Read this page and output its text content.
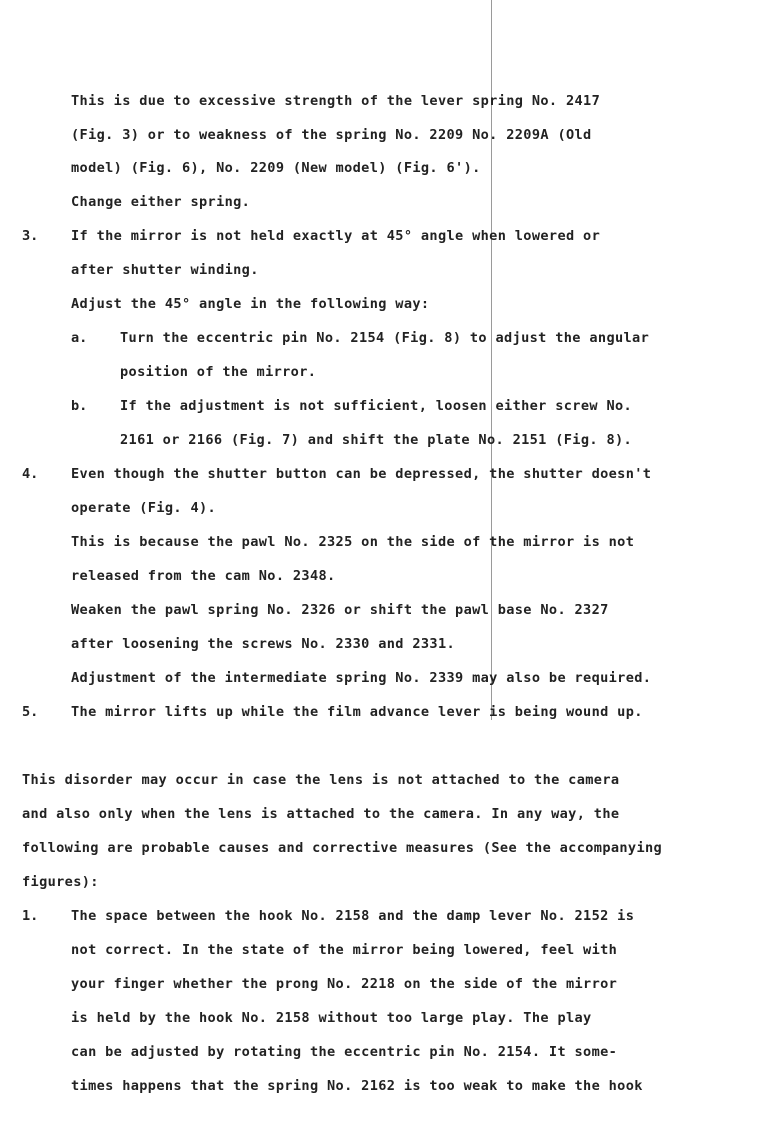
This is due to excessive strength of the lever spring No. 2417
(Fig. 3) or to weakness of the spring No. 2209 No. 2209A (Old
model) (Fig. 6), No. 2209 (New model) (Fig. 6').
Change either spring.
3. If the mirror is not held exactly at 45° angle when lowered or
after shutter winding.
Adjust the 45° angle in the following way:
a. Turn the eccentric pin No. 2154 (Fig. 8) to adjust the angular
position of the mirror.
b. If the adjustment is not sufficient, loosen either screw No.
2161 or 2166 (Fig. 7) and shift the plate No. 2151 (Fig. 8).
4. Even though the shutter button can be depressed, the shutter doesn't
operate (Fig. 4).
This is because the pawl No. 2325 on the side of the mirror is not
released from the cam No. 2348.
Weaken the pawl spring No. 2326 or shift the pawl base No. 2327
after loosening the screws No. 2330 and 2331.
Adjustment of the intermediate spring No. 2339 may also be required.
5. The mirror lifts up while the film advance lever is being wound up.
This disorder may occur in case the lens is not attached to the camera
and also only when the lens is attached to the camera. In any way, the
following are probable causes and corrective measures (See the accompanying
figures):
1. The space between the hook No. 2158 and the damp lever No. 2152 is
not correct. In the state of the mirror being lowered, feel with
your finger whether the prong No. 2218 on the side of the mirror
is held by the hook No. 2158 without too large play. The play
can be adjusted by rotating the eccentric pin No. 2154. It some-
times happens that the spring No. 2162 is too weak to make the hook
